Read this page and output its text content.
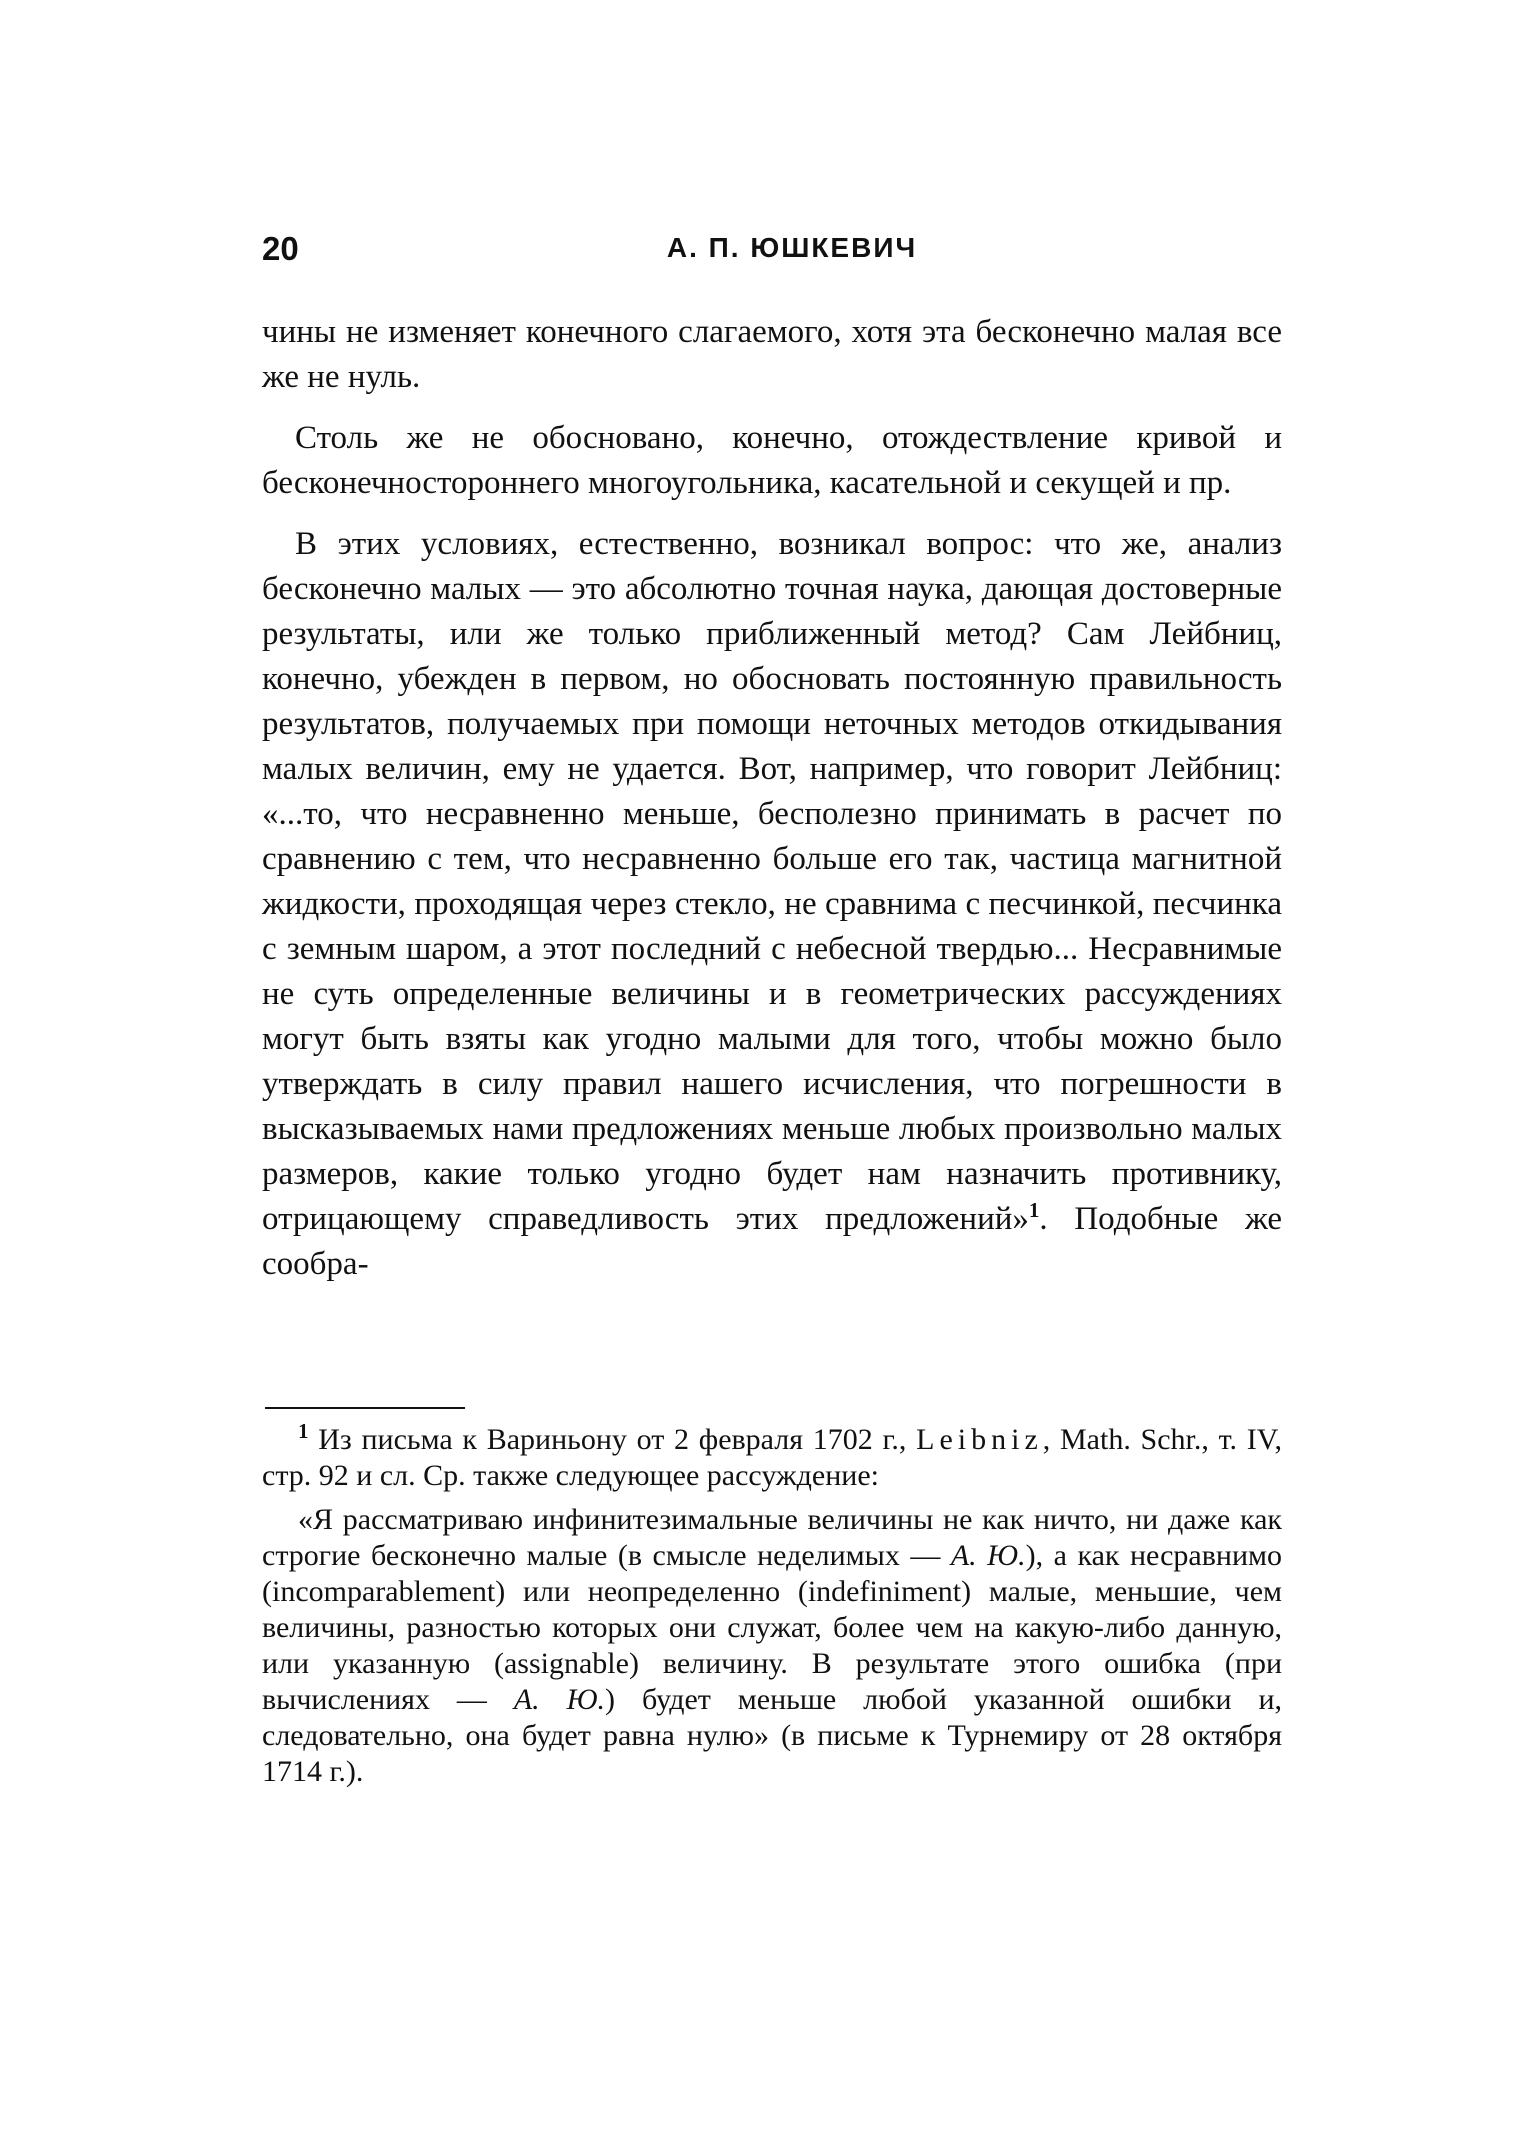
20	А. П. ЮШКЕВИЧ

чины не изменяет конечного слагаемого, хотя эта бесконечно малая все же не нуль.

Столь же не обосновано, конечно, отождествление кривой и бесконечностороннего многоугольника, касательной и секущей и пр.

В этих условиях, естественно, возникал вопрос: что же, анализ бесконечно малых — это абсолютно точная наука, дающая достоверные результаты, или же только приближенный метод? Сам Лейбниц, конечно, убежден в первом, но обосновать постоянную правильность результатов, получаемых при помощи неточных методов откидывания малых величин, ему не удается. Вот, например, что говорит Лейбниц: «...то, что несравненно меньше, бесполезно принимать в расчет по сравнению с тем, что несравненно больше его так, частица магнитной жидкости, проходящая через стекло, не сравнима с песчинкой, песчинка с земным шаром, а этот последний с небесной твердью... Несравнимые не суть определенные величины и в геометрических рассуждениях могут быть взяты как угодно малыми для того, чтобы можно было утверждать в силу правил нашего исчисления, что погрешности в высказываемых нами предложениях меньше любых произвольно малых размеров, какие только угодно будет нам назначить противнику, отрицающему справедливость этих предложений»$^1$. Подобные же сообра-

$^1$ Из письма к Вариньону от 2 февраля 1702 г., Leibniz, Math. Schr., т. IV, стр. 92 и сл. Ср. также следующее рассуждение:

«Я рассматриваю инфинитезимальные величины не как ничто, ни даже как строгие бесконечно малые (в смысле неделимых — А. Ю.), а как несравнимо (incomparablement) или неопределенно (indefiniment) малые, меньшие, чем величины, разностью которых они служат, более чем на какую-либо данную, или указанную (assignable) величину. В результате этого ошибка (при вычислениях — А. Ю.) будет меньше любой указанной ошибки и, следовательно, она будет равна нулю» (в письме к Турнемиру от 28 октября 1714 г.).
